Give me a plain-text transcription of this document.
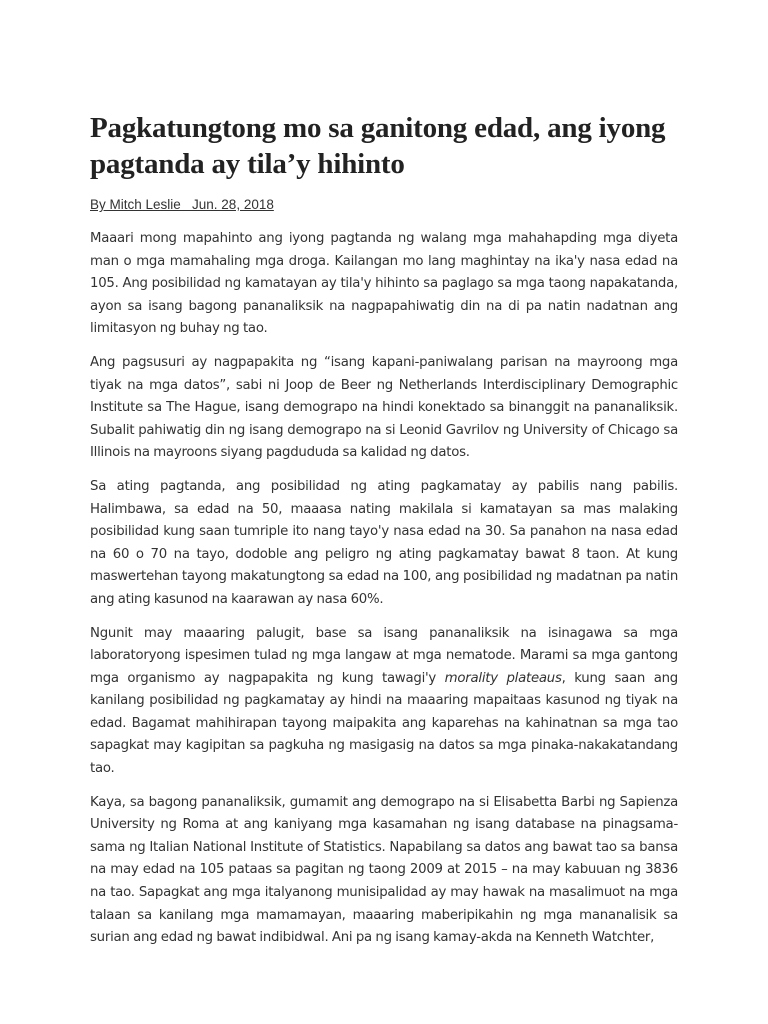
Pagkatungtong mo sa ganitong edad, ang iyong pagtanda ay tila’y hihinto
By Mitch Leslie   Jun. 28, 2018

Maaari mong mapahinto ang iyong pagtanda ng walang mga mahahapding mga diyeta man o mga mamahaling mga droga. Kailangan mo lang maghintay na ika'y nasa edad na 105. Ang posibilidad ng kamatayan ay tila'y hihinto sa paglago sa mga taong napakatanda, ayon sa isang bagong pananaliksik na nagpapahiwatig din na di pa natin nadatnan ang limitasyon ng buhay ng tao.

Ang pagsusuri ay nagpapakita ng “isang kapani-paniwalang parisan na mayroong mga tiyak na mga datos”, sabi ni Joop de Beer ng Netherlands Interdisciplinary Demographic Institute sa The Hague, isang demograpo na hindi konektado sa binanggit na pananaliksik. Subalit pahiwatig din ng isang demograpo na si Leonid Gavrilov ng University of Chicago sa Illinois na mayroons siyang pagdududa sa kalidad ng datos.

Sa ating pagtanda, ang posibilidad ng ating pagkamatay ay pabilis nang pabilis. Halimbawa, sa edad na 50, maaasa nating makilala si kamatayan sa mas malaking posibilidad kung saan tumriple ito nang tayo'y nasa edad na 30. Sa panahon na nasa edad na 60 o 70 na tayo, dodoble ang peligro ng ating pagkamatay bawat 8 taon. At kung maswertehan tayong makatungtong sa edad na 100, ang posibilidad ng madatnan pa natin ang ating kasunod na kaarawan ay nasa 60%.

Ngunit may maaaring palugit, base sa isang pananaliksik na isinagawa sa mga laboratoryong ispesimen tulad ng mga langaw at mga nematode. Marami sa mga gantong mga organismo ay nagpapakita ng kung tawagi'y morality plateaus, kung saan ang kanilang posibilidad ng pagkamatay ay hindi na maaaring mapaitaas kasunod ng tiyak na edad. Bagamat mahihirapan tayong maipakita ang kaparehas na kahinatnan sa mga tao sapagkat may kagipitan sa pagkuha ng masigasig na datos sa mga pinaka-nakakatandang tao.

Kaya, sa bagong pananaliksik, gumamit ang demograpo na si Elisabetta Barbi ng Sapienza University ng Roma at ang kaniyang mga kasamahan ng isang database na pinagsama-sama ng Italian National Institute of Statistics. Napabilang sa datos ang bawat tao sa bansa na may edad na 105 pataas sa pagitan ng taong 2009 at 2015 – na may kabuuan ng 3836 na tao. Sapagkat ang mga italyanong munisipalidad ay may hawak na masalimuot na mga talaan sa kanilang mga mamamayan, maaaring maberipikahin ng mga mananalisik sa surian ang edad ng bawat indibidwal. Ani pa ng isang kamay-akda na Kenneth Watchter,
